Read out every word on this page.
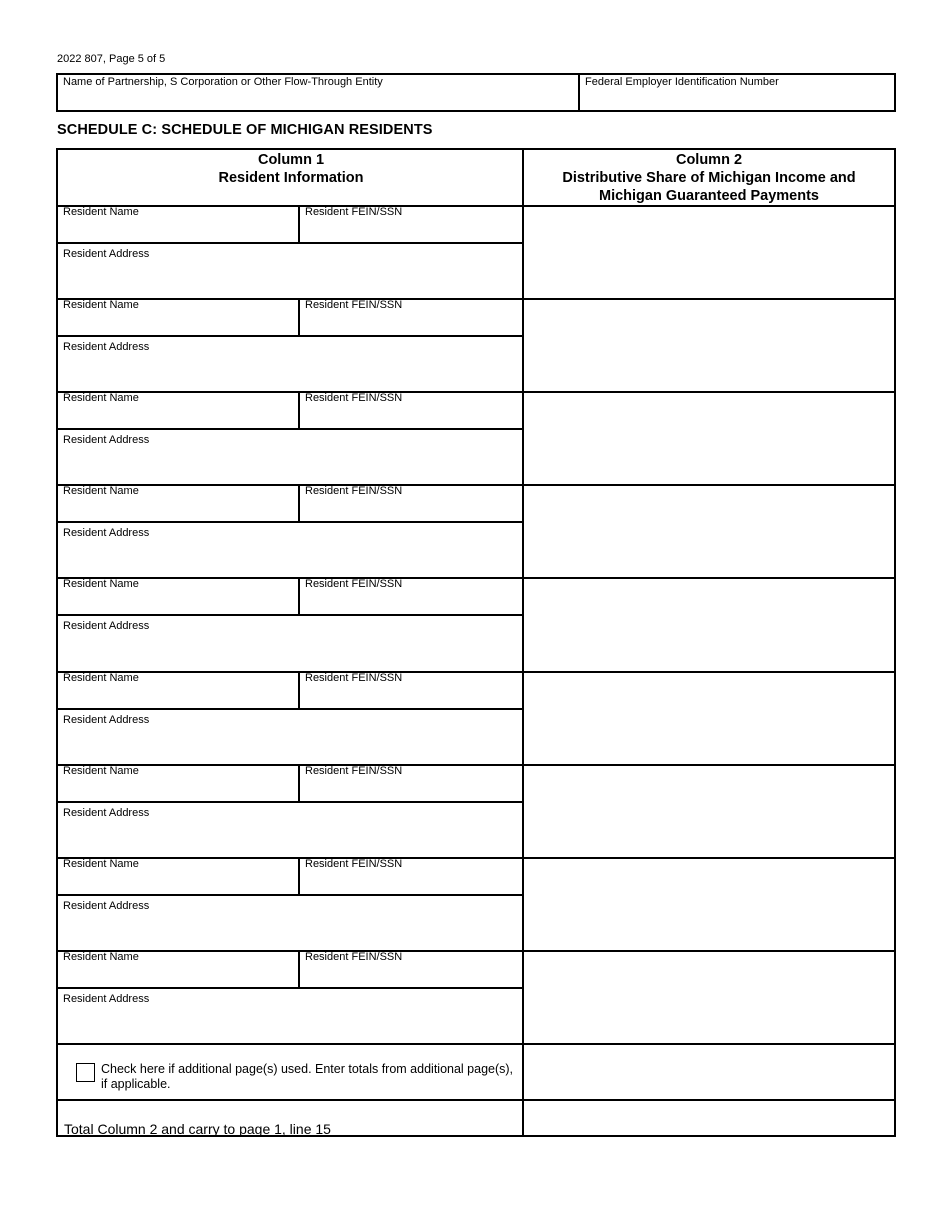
2022 807, Page 5 of 5
Name of Partnership, S Corporation or Other Flow-Through Entity	Federal Employer Identification Number
SCHEDULE C: SCHEDULE OF MICHIGAN RESIDENTS
Column 1
Resident Information
Column 2
Distributive Share of Michigan Income and
Michigan Guaranteed Payments
Resident Name	Resident FEIN/SSN
Resident Address
Resident Name	Resident FEIN/SSN
Resident Address
Resident Name	Resident FEIN/SSN
Resident Address
Resident Name	Resident FEIN/SSN
Resident Address
Resident Name	Resident FEIN/SSN
Resident Address
Resident Name	Resident FEIN/SSN
Resident Address
Resident Name	Resident FEIN/SSN
Resident Address
Resident Name	Resident FEIN/SSN
Resident Address
Resident Name	Resident FEIN/SSN
Resident Address
Check here if additional page(s) used. Enter totals from additional page(s), if applicable.
Total Column 2 and carry to page 1, line 15
